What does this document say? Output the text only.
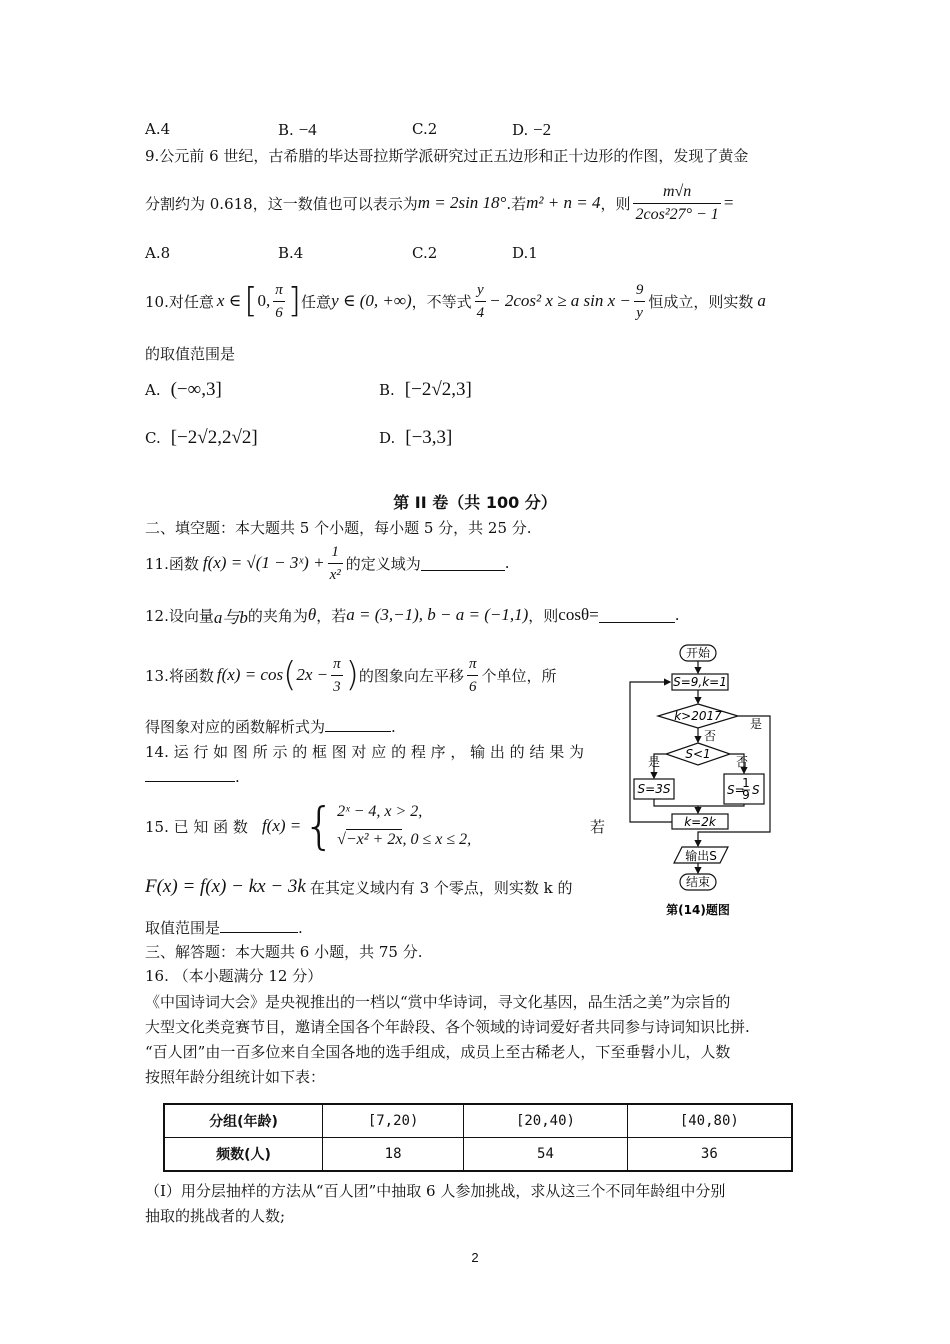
A.4	B. −4	C.2	D. −2
9.公元前 6 世纪，古希腊的毕达哥拉斯学派研究过正五边形和正十边形的作图，发现了黄金
分割约为 0.618，这一数值也可以表示为 m = 2sin 18° .若 m² + n = 4 ，则 $\frac{m√n}{\text{2cos²27° − 1}}$ =
A.8	B.4	C.2	D.1
10.对任意 x ∈ [ 0, $\frac{\pi}{6}$ ] 任意 y ∈ (0, +∞) ，不等式 $\frac{y}{4} - 2\cos^2$ x ≥ a $\sin x - \frac{9}{y}$ 恒成立，则实数 a
的取值范围是
A. (−∞,3]	B. [−2√2,3]
C. [−2√2,2√2]	D. [−3,3]
第 II 卷（共 100 分）
二、填空题：本大题共 5 个小题，每小题 5 分，共 25 分.
11.函数 f(x) = √(1 − 3ˣ) + $\frac{1}{\text{x²}}$ 的定义域为	.
12.设向量 a与b 的夹角为 θ ，若 a = (3,−1), b − a = (−1,1) ，则 cosθ=	.
13.将函数 f(x) = cos ( $2x - \frac{\pi}{3}$ ) 的图象向左平移 $\frac{\pi}{6}$ 个单位，所
得图象对应的函数解析式为	.
14. 运 行 如 图 所 示 的 框 图 对 应 的 程 序 ， 输 出 的 结 果 为
.
15. 已 知 函 数 f(x) = { 2ˣ − 4, x > 2,
√−x² + 2x, 0 ≤ x ≤ 2,
若
F(x) = f(x) − kx − 3k 在其定义域内有 3 个零点，则实数 k 的
取值范围是	.
三、解答题：本大题共 6 小题，共 75 分.
16. （本小题满分 12 分）
《中国诗词大会》是央视推出的一档以“赏中华诗词，寻文化基因，品生活之美”为宗旨的
大型文化类竞赛节目，邀请全国各个年龄段、各个领域的诗词爱好者共同参与诗词知识比拼.
“百人团”由一百多位来自全国各地的选手组成，成员上至古稀老人，下至垂髫小儿，人数
按照年龄分组统计如下表：
分组(年龄)	[7,20)	[20,40)	[40,80)
频数(人)	18	54	36
（I）用分层抽样的方法从“百人团”中抽取 6 人参加挑战，求从这三个不同年龄组中分别
抽取的挑战者的人数;
开始
S=9,k=1
k>2017
是
否
S<1
是	否
S=3S	S=
1
9 S
k=2k
输出S
结束
第(14)题图
2
